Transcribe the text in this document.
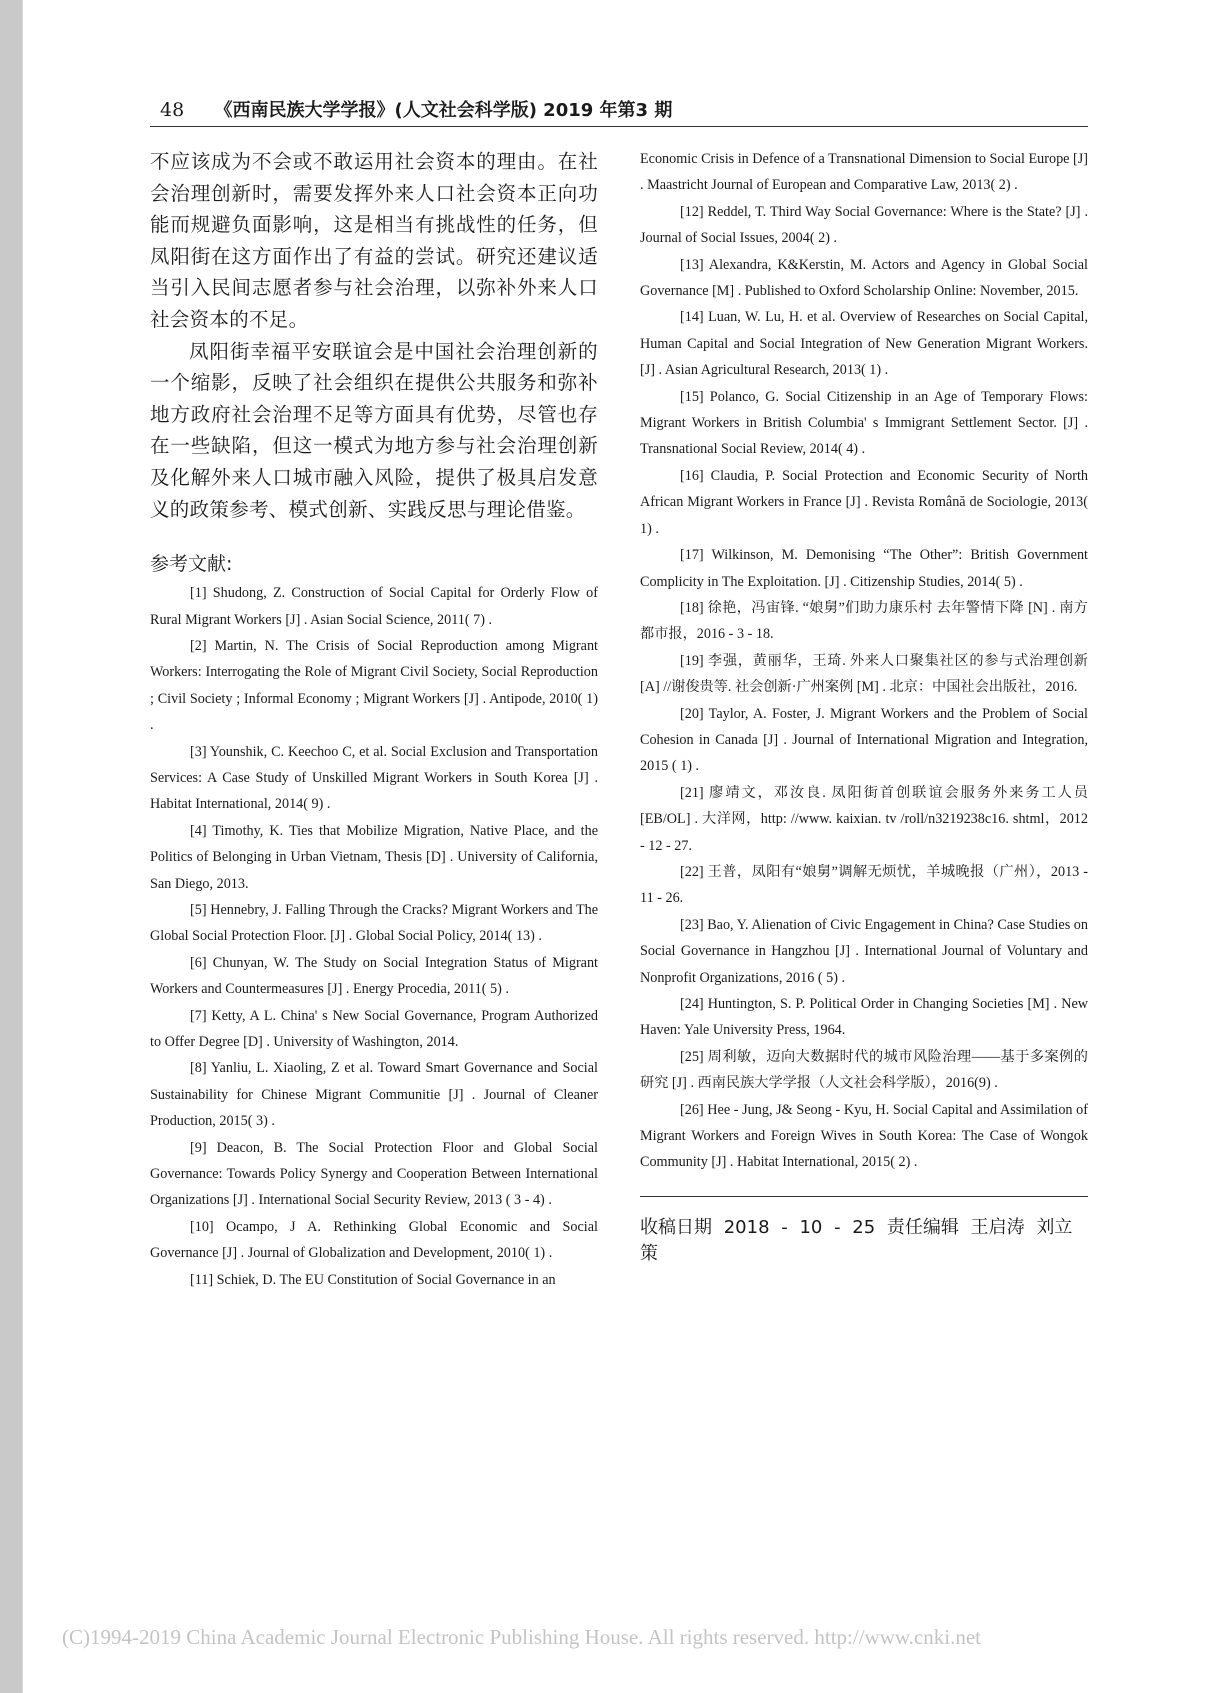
48 《西南民族大学学报》(人文社会科学版) 2019 年第3 期

不应该成为不会或不敢运用社会资本的理由。在社会治理创新时，需要发挥外来人口社会资本正向功能而规避负面影响，这是相当有挑战性的任务，但凤阳街在这方面作出了有益的尝试。研究还建议适当引入民间志愿者参与社会治理，以弥补外来人口社会资本的不足。

凤阳街幸福平安联谊会是中国社会治理创新的一个缩影，反映了社会组织在提供公共服务和弥补地方政府社会治理不足等方面具有优势，尽管也存在一些缺陷，但这一模式为地方参与社会治理创新及化解外来人口城市融入风险，提供了极具启发意义的政策参考、模式创新、实践反思与理论借鉴。

参考文献:

[1] Shudong, Z. Construction of Social Capital for Orderly Flow of Rural Migrant Workers [J] . Asian Social Science, 2011( 7) .

[2] Martin, N. The Crisis of Social Reproduction among Migrant Workers: Interrogating the Role of Migrant Civil Society, Social Reproduction ; Civil Society ; Informal Economy ; Migrant Workers [J] . Antipode, 2010( 1) .

[3] Younshik, C. Keechoo C, et al. Social Exclusion and Transportation Services: A Case Study of Unskilled Migrant Workers in South Korea [J] . Habitat International, 2014( 9) .

[4] Timothy, K. Ties that Mobilize Migration, Native Place, and the Politics of Belonging in Urban Vietnam, Thesis [D] . University of California, San Diego, 2013.

[5] Hennebry, J. Falling Through the Cracks? Migrant Workers and The Global Social Protection Floor. [J] . Global Social Policy, 2014( 13) .

[6] Chunyan, W. The Study on Social Integration Status of Migrant Workers and Countermeasures [J] . Energy Procedia, 2011( 5) .

[7] Ketty, A L. China' s New Social Governance, Program Authorized to Offer Degree [D] . University of Washington, 2014.

[8] Yanliu, L. Xiaoling, Z et al. Toward Smart Governance and Social Sustainability for Chinese Migrant Communitie [J] . Journal of Cleaner Production, 2015( 3) .

[9] Deacon, B. The Social Protection Floor and Global Social Governance: Towards Policy Synergy and Cooperation Between International Organizations [J] . International Social Security Review, 2013 ( 3 - 4) .

[10] Ocampo, J A. Rethinking Global Economic and Social Governance [J] . Journal of Globalization and Development, 2010( 1) .

[11] Schiek, D. The EU Constitution of Social Governance in an

Economic Crisis in Defence of a Transnational Dimension to Social Europe [J] . Maastricht Journal of European and Comparative Law, 2013( 2) .

[12] Reddel, T. Third Way Social Governance: Where is the State? [J] . Journal of Social Issues, 2004( 2) .

[13] Alexandra, K&Kerstin, M. Actors and Agency in Global Social Governance [M] . Published to Oxford Scholarship Online: November, 2015.

[14] Luan, W. Lu, H. et al. Overview of Researches on Social Capital, Human Capital and Social Integration of New Generation Migrant Workers. [J] . Asian Agricultural Research, 2013( 1) .

[15] Polanco, G. Social Citizenship in an Age of Temporary Flows: Migrant Workers in British Columbia' s Immigrant Settlement Sector. [J] . Transnational Social Review, 2014( 4) .

[16] Claudia, P. Social Protection and Economic Security of North African Migrant Workers in France [J] . Revista Română de Sociologie, 2013( 1) .

[17] Wilkinson, M. Demonising “The Other”: British Government Complicity in The Exploitation. [J] . Citizenship Studies, 2014( 5) .

[18] 徐艳，冯宙锋. “娘舅”们助力康乐村 去年警情下降 [N] . 南方都市报，2016 - 3 - 18.

[19] 李强，黄丽华，王琦. 外来人口聚集社区的参与式治理创新 [A] //谢俊贵等. 社会创新·广州案例 [M] . 北京：中国社会出版社，2016.

[20] Taylor, A. Foster, J. Migrant Workers and the Problem of Social Cohesion in Canada [J] . Journal of International Migration and Integration, 2015 ( 1) .

[21] 廖靖文，邓汝良. 凤阳街首创联谊会服务外来务工人员 [EB/OL] . 大洋网，http: //www. kaixian. tv /roll/n3219238c16. shtml，2012 - 12 - 27.

[22] 王普，凤阳有“娘舅”调解无烦忧，羊城晚报（广州），2013 - 11 - 26.

[23] Bao, Y. Alienation of Civic Engagement in China? Case Studies on Social Governance in Hangzhou [J] . International Journal of Voluntary and Nonprofit Organizations, 2016 ( 5) .

[24] Huntington, S. P. Political Order in Changing Societies [M] . New Haven: Yale University Press, 1964.

[25] 周利敏，迈向大数据时代的城市风险治理——基于多案例的研究 [J] . 西南民族大学学报（人文社会科学版），2016(9) .

[26] Hee - Jung, J& Seong - Kyu, H. Social Capital and Assimilation of Migrant Workers and Foreign Wives in South Korea: The Case of Wongok Community [J] . Habitat International, 2015( 2) .

收稿日期 2018 - 10 - 25 责任编辑 王启涛 刘立策
(C)1994-2019 China Academic Journal Electronic Publishing House. All rights reserved. http://www.cnki.net
